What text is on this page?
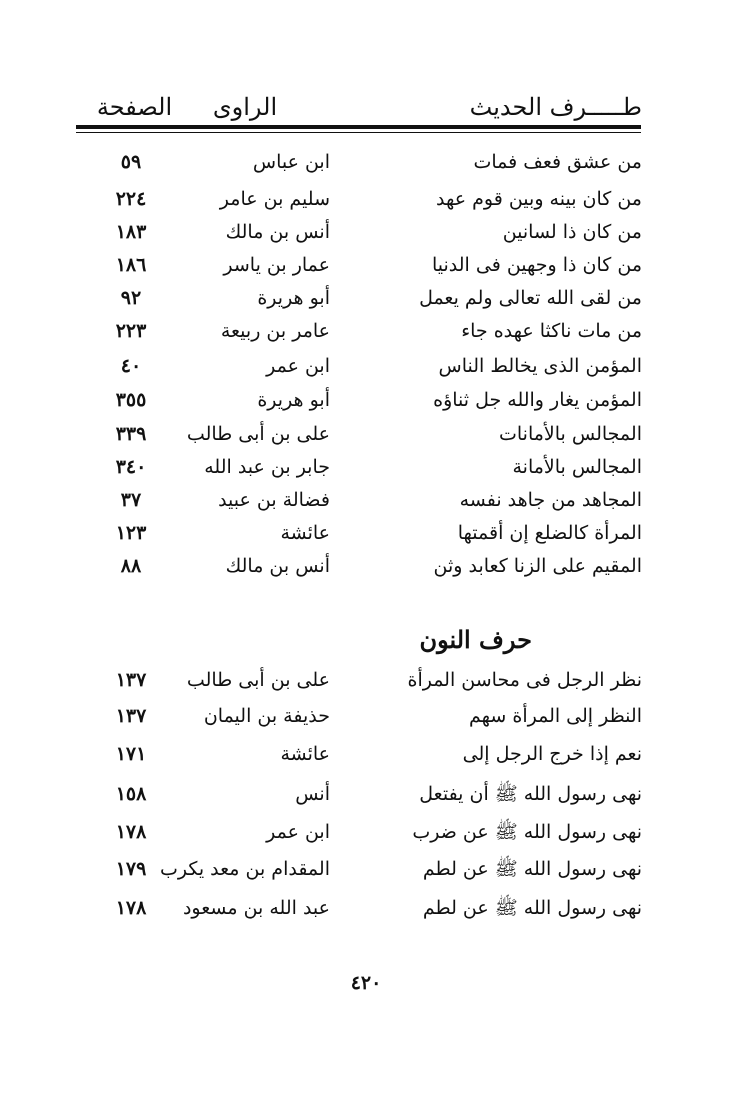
طـــــرف الحديث
الراوى
الصفحة
من عشق فعف فمات
ابن عباس
٥٩
من كان بينه وبين قوم عهد
سليم بن عامر
٢٢٤
من كان ذا لسانين
أنس بن مالك
١٨٣
من كان ذا وجهين فى الدنيا
عمار بن ياسر
١٨٦
من لقى الله تعالى ولم يعمل
أبو هريرة
٩٢
من مات ناكثا عهده جاء
عامر بن ربيعة
٢٢٣
المؤمن الذى يخالط الناس
ابن عمر
٤٠
المؤمن يغار والله جل ثناؤه
أبو هريرة
٣٥٥
المجالس بالأمانات
على بن أبى طالب
٣٣٩
المجالس بالأمانة
جابر بن عبد الله
٣٤٠
المجاهد من جاهد نفسه
فضالة بن عبيد
٣٧
المرأة كالضلع إن أقمتها
عائشة
١٢٣
المقيم على الزنا كعابد وثن
أنس بن مالك
٨٨
حرف النون
نظر الرجل فى محاسن المرأة
على بن أبى طالب
١٣٧
النظر إلى المرأة سهم
حذيفة بن اليمان
١٣٧
نعم إذا خرج الرجل إلى
عائشة
١٧١
نهى رسول الله ﷺ أن يفتعل
أنس
١٥٨
نهى رسول الله ﷺ عن ضرب
ابن عمر
١٧٨
نهى رسول الله ﷺ عن لطم
المقدام بن معد يكرب
١٧٩
نهى رسول الله ﷺ عن لطم
عبد الله بن مسعود
١٧٨
٤٢٠
